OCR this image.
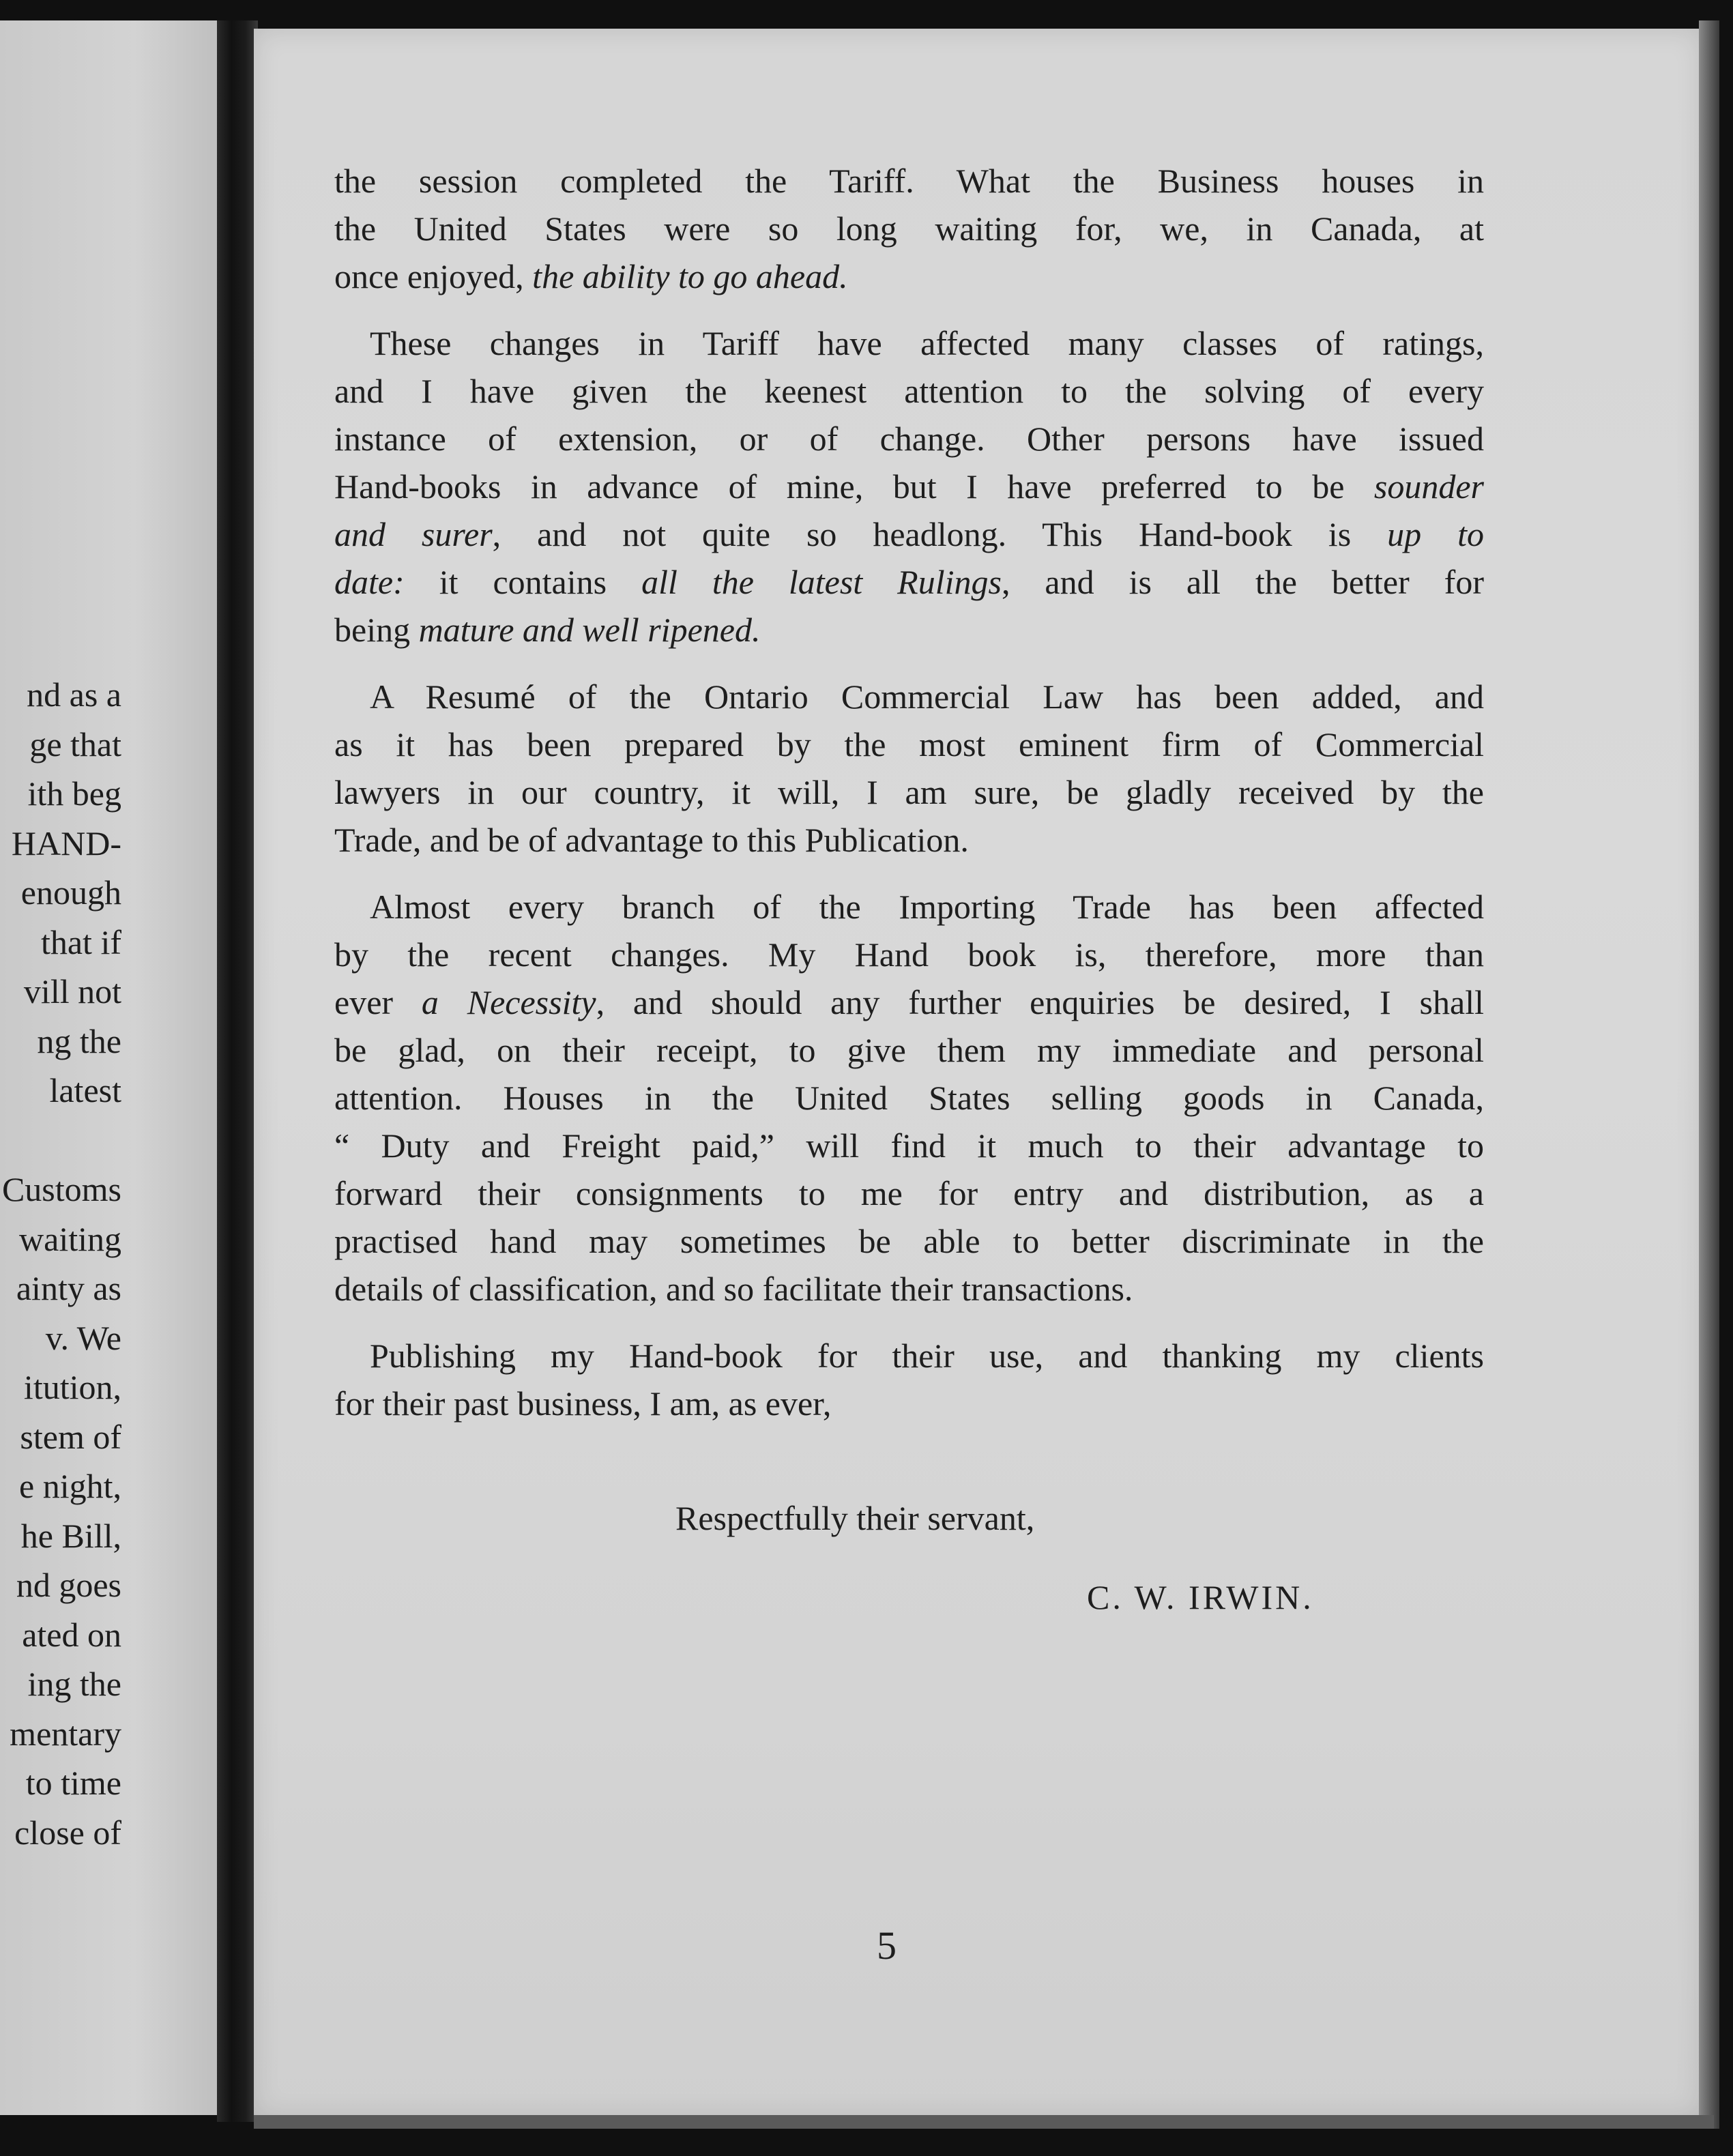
nd as a
ge that
ith beg
HAND-
enough
that if
vill not
ng the
latest
Customs
waiting
ainty as
v. We
itution,
stem of
e night,
he Bill,
nd goes
ated on
ing the
mentary
to time
close of
the session completed the Tariff. What the Business houses in
the United States were so long waiting for, we, in Canada, at
once enjoyed, the ability to go ahead.
These changes in Tariff have affected many classes of ratings,
and I have given the keenest attention to the solving of every
instance of extension, or of change. Other persons have issued
Hand-books in advance of mine, but I have preferred to be sounder
and surer, and not quite so headlong. This Hand-book is up to
date: it contains all the latest Rulings, and is all the better for
being mature and well ripened.
A Resumé of the Ontario Commercial Law has been added, and
as it has been prepared by the most eminent firm of Commercial
lawyers in our country, it will, I am sure, be gladly received by the
Trade, and be of advantage to this Publication.
Almost every branch of the Importing Trade has been affected
by the recent changes. My Hand book is, therefore, more than
ever a Necessity, and should any further enquiries be desired, I shall
be glad, on their receipt, to give them my immediate and personal
attention. Houses in the United States selling goods in Canada,
“ Duty and Freight paid,” will find it much to their advantage to
forward their consignments to me for entry and distribution, as a
practised hand may sometimes be able to better discriminate in the
details of classification, and so facilitate their transactions.
Publishing my Hand-book for their use, and thanking my clients
for their past business, I am, as ever,
Respectfully their servant,
C. W. IRWIN.
5
